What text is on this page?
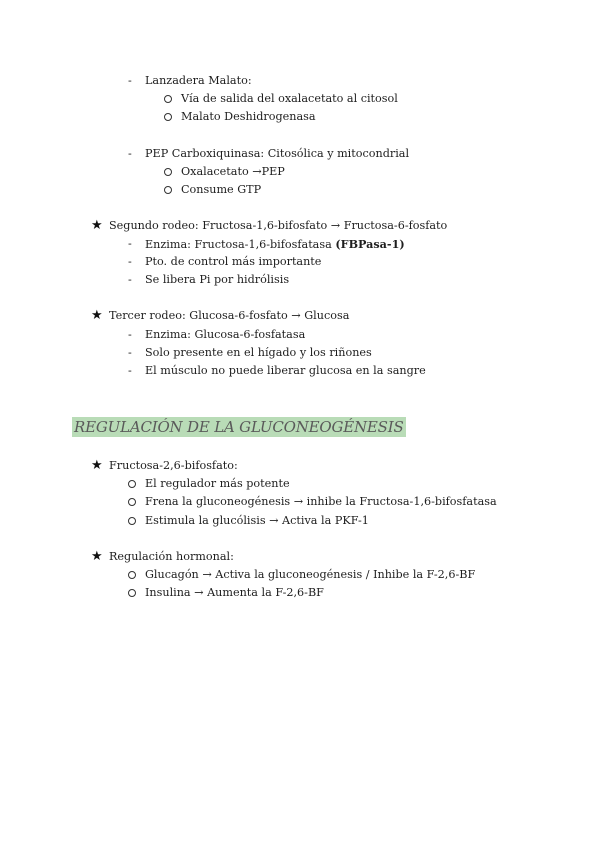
- Lanzadera Malato:
Vía de salida del oxalacetato al citosol
Malato Deshidrogenasa
- PEP Carboxiquinasa: Citosólica y mitocondrial
Oxalacetato →PEP
Consume GTP
★ Segundo rodeo: Fructosa-1,6-bifosfato → Fructosa-6-fosfato
- Enzima: Fructosa-1,6-bifosfatasa (FBPasa-1)
- Pto. de control más importante
- Se libera Pi por hidrólisis
★ Tercer rodeo: Glucosa-6-fosfato → Glucosa
- Enzima: Glucosa-6-fosfatasa
- Solo presente en el hígado y los riñones
- El músculo no puede liberar glucosa en la sangre
REGULACIÓN DE LA GLUCONEOGÉNESIS
★ Fructosa-2,6-bifosfato:
El regulador más potente
Frena la gluconeogénesis → inhibe la Fructosa-1,6-bifosfatasa
Estimula la glucólisis → Activa la PKF-1
★ Regulación hormonal:
Glucagón → Activa la gluconeogénesis / Inhibe la F-2,6-BF
Insulina → Aumenta la F-2,6-BF
